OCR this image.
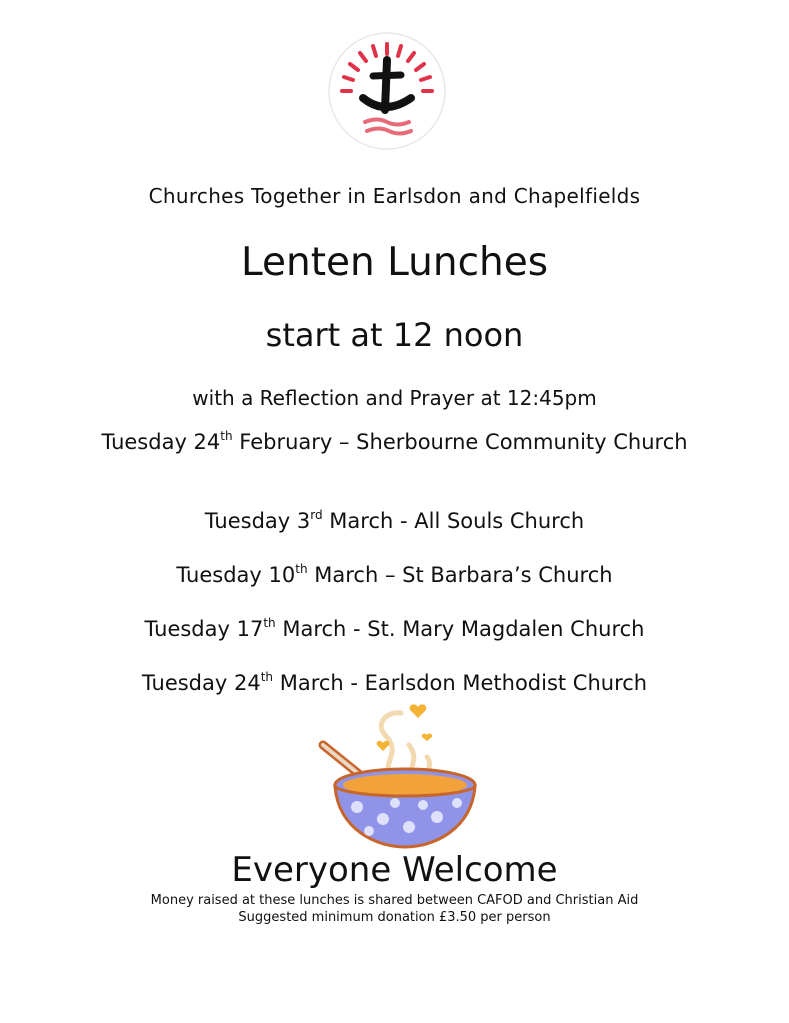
Churches Together in Earlsdon and Chapelfields
Lenten Lunches
start at 12 noon
with a Reflection and Prayer at 12:45pm
Tuesday 24th February – Sherbourne Community Church
Tuesday 3rd March - All Souls Church
Tuesday 10th March – St Barbara’s Church
Tuesday 17th March - St. Mary Magdalen Church
Tuesday 24th March - Earlsdon Methodist Church
Everyone Welcome
Money raised at these lunches is shared between CAFOD and Christian Aid
Suggested minimum donation £3.50 per person
